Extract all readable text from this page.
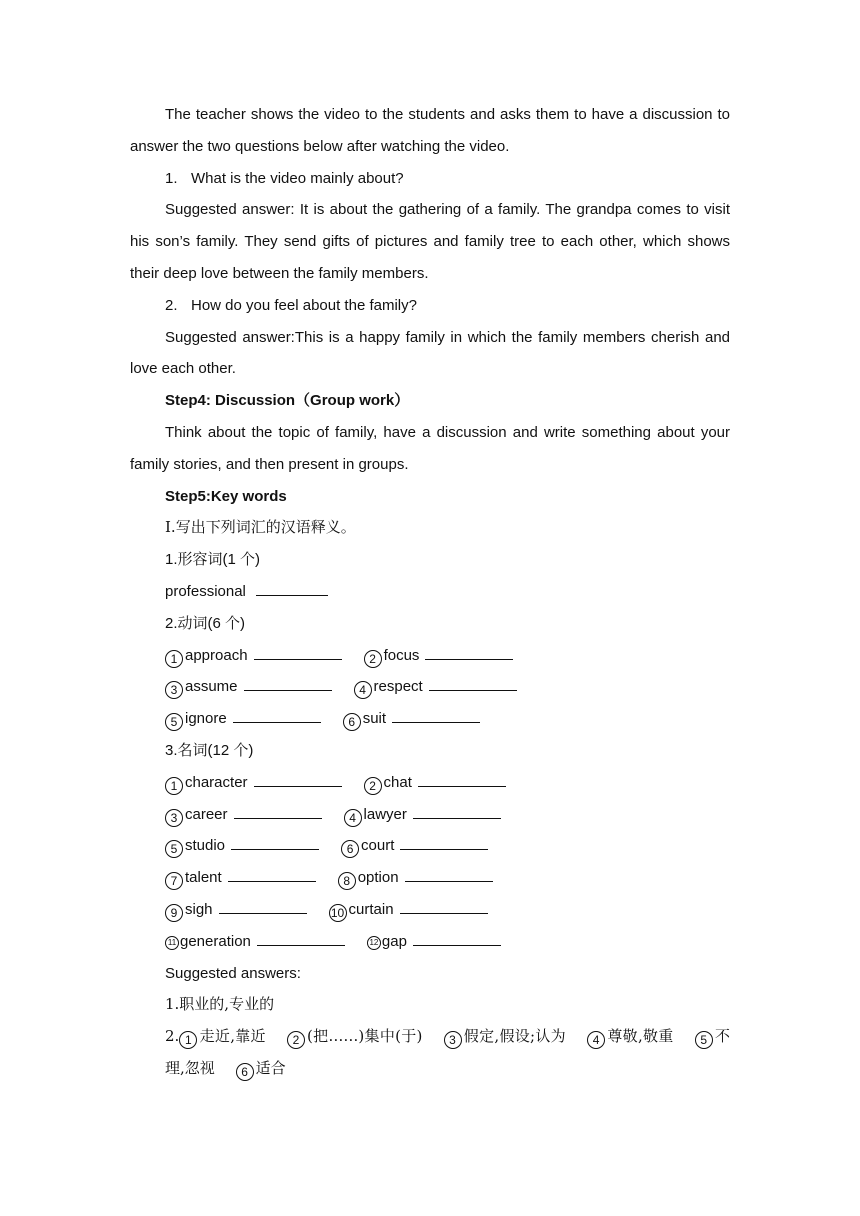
The teacher shows the video to the students and asks them to have a discussion to answer the two questions below after watching the video.

1. What is the video mainly about?

Suggested answer: It is about the gathering of a family. The grandpa comes to visit his son’s family. They send gifts of pictures and family tree to each other, which shows their deep love between the family members.

2. How do you feel about the family?

Suggested answer:This is a happy family in which the family members cherish and love each other.

Step4: Discussion（Group work）

Think about the topic of family, have a discussion and write something about your family stories, and then present in groups.

Step5:Key words
Ⅰ.写出下列词汇的汉语释义。
1.形容词(1 个)
professional
2.动词(6 个)
1 approach	2 focus
3 assume	4 respect
5 ignore	6 suit
3.名词(12 个)
1 character	2 chat
3 career	4 lawyer
5 studio	6 court
7 talent	8 option
9 sigh	10 curtain
11 generation	12 gap
Suggested answers:
1.职业的,专业的
2. 1 走近,靠近 2 (把……)集中(于) 3 假定,假设;认为 4 尊敬,敬重 5 不理,忽视 6 适合
